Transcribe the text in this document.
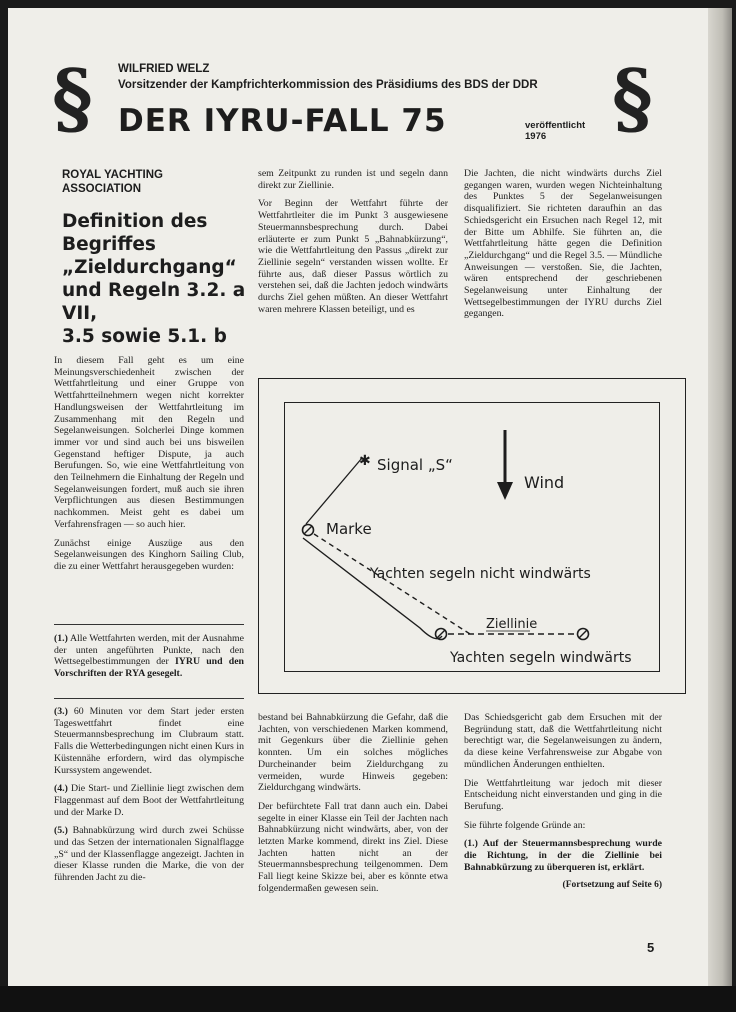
§	§
WILFRIED WELZ
Vorsitzender der Kampfrichterkommission des Präsidiums des BDS der DDR
DER IYRU-FALL 75	veröffentlicht
1976
ROYAL YACHTING
ASSOCIATION
Definition des
Begriffes
„Zieldurchgang“
und Regeln 3.2. a VII,
3.5 sowie 5.1. b

sem Zeitpunkt zu runden ist und segeln dann direkt zur Ziellinie.

Vor Beginn der Wettfahrt führte der Wettfahrtleiter die im Punkt 3 ausgewiesene Steuermannsbesprechung durch. Dabei erläuterte er zum Punkt 5 „Bahnabkürzung“, wie die Wettfahrtleitung den Passus „direkt zur Ziellinie segeln“ verstanden wissen wollte. Er führte aus, daß dieser Passus wörtlich zu verstehen sei, daß die Jachten jedoch windwärts durchs Ziel gehen müßten. An dieser Wettfahrt waren mehrere Klassen beteiligt, und es

Die Jachten, die nicht windwärts durchs Ziel gegangen waren, wurden wegen Nichteinhaltung des Punktes 5 der Segelanweisungen disqualifiziert. Sie richteten daraufhin an das Schiedsgericht ein Ersuchen nach Regel 12, mit der Bitte um Abhilfe. Sie führten an, die Wettfahrtleitung hätte gegen die Definition „Zieldurchgang“ und die Regel 3.5. — Mündliche Anweisungen — verstoßen. Sie, die Jachten, wären entsprechend der geschriebenen Segelanweisung unter Einhaltung der Wettsegelbestimmungen der IYRU durchs Ziel gegangen.

In diesem Fall geht es um eine Meinungsverschiedenheit zwischen der Wettfahrtleitung und einer Gruppe von Wettfahrtteilnehmern wegen nicht korrekter Handlungsweisen der Wettfahrtleitung im Zusammenhang mit den Regeln und Segelanweisungen. Solcherlei Dinge kommen immer vor und sind auch bei uns bisweilen Gegenstand heftiger Dispute, ja auch Berufungen. So, wie eine Wettfahrtleitung von den Teilnehmern die Einhaltung der Regeln und Segelanweisungen fordert, muß auch sie ihren Verpflichtungen aus diesen Bestimmungen nachkommen. Meist geht es dabei um Verfahrensfragen — so auch hier.

Zunächst einige Auszüge aus den Segelanweisungen des Kinghorn Sailing Club, die zu einer Wettfahrt herausgegeben wurden:

(1.) Alle Wettfahrten werden, mit der Ausnahme der unten angeführten Punkte, nach den Wettsegelbestimmungen der IYRU und den Vorschriften der RYA gesegelt.

(3.) 60 Minuten vor dem Start jeder ersten Tageswettfahrt findet eine Steuermannsbesprechung im Clubraum statt. Falls die Wetterbedingungen nicht einen Kurs in Küstennähe erfordern, wird das olympische Kurssystem angewendet.

(4.) Die Start- und Ziellinie liegt zwischen dem Flaggenmast auf dem Boot der Wettfahrtleitung und der Marke D.

(5.) Bahnabkürzung wird durch zwei Schüsse und das Setzen der internationalen Signalflagge „S“ und der Klassenflagge angezeigt. Jachten in dieser Klasse runden die Marke, die von der führenden Jacht zu die-

✱ Signal „S“
Wind
Marke
Yachten segeln nicht windwärts
Ziellinie
Yachten segeln windwärts

bestand bei Bahnabkürzung die Gefahr, daß die Jachten, von verschiedenen Marken kommend, mit Gegenkurs über die Ziellinie gehen konnten. Um ein solches mögliches Durcheinander beim Zieldurchgang zu vermeiden, wurde Hinweis gegeben: Zieldurchgang windwärts.

Der befürchtete Fall trat dann auch ein. Dabei segelte in einer Klasse ein Teil der Jachten nach Bahnabkürzung nicht windwärts, aber, von der letzten Marke kommend, direkt ins Ziel. Diese Jachten hatten nicht an der Steuermannsbesprechung teilgenommen. Dem Fall liegt keine Skizze bei, aber es könnte etwa folgendermaßen gewesen sein.

Das Schiedsgericht gab dem Ersuchen mit der Begründung statt, daß die Wettfahrtleitung nicht berechtigt war, die Segelanweisungen zu ändern, da diese keine Verfahrensweise zur Abgabe von mündlichen Änderungen enthielten.

Die Wettfahrtleitung war jedoch mit dieser Entscheidung nicht einverstanden und ging in die Berufung.

Sie führte folgende Gründe an:

(1.) Auf der Steuermannsbesprechung wurde die Richtung, in der die Ziellinie bei Bahnabkürzung zu überqueren ist, erklärt.

(Fortsetzung auf Seite 6)

5
